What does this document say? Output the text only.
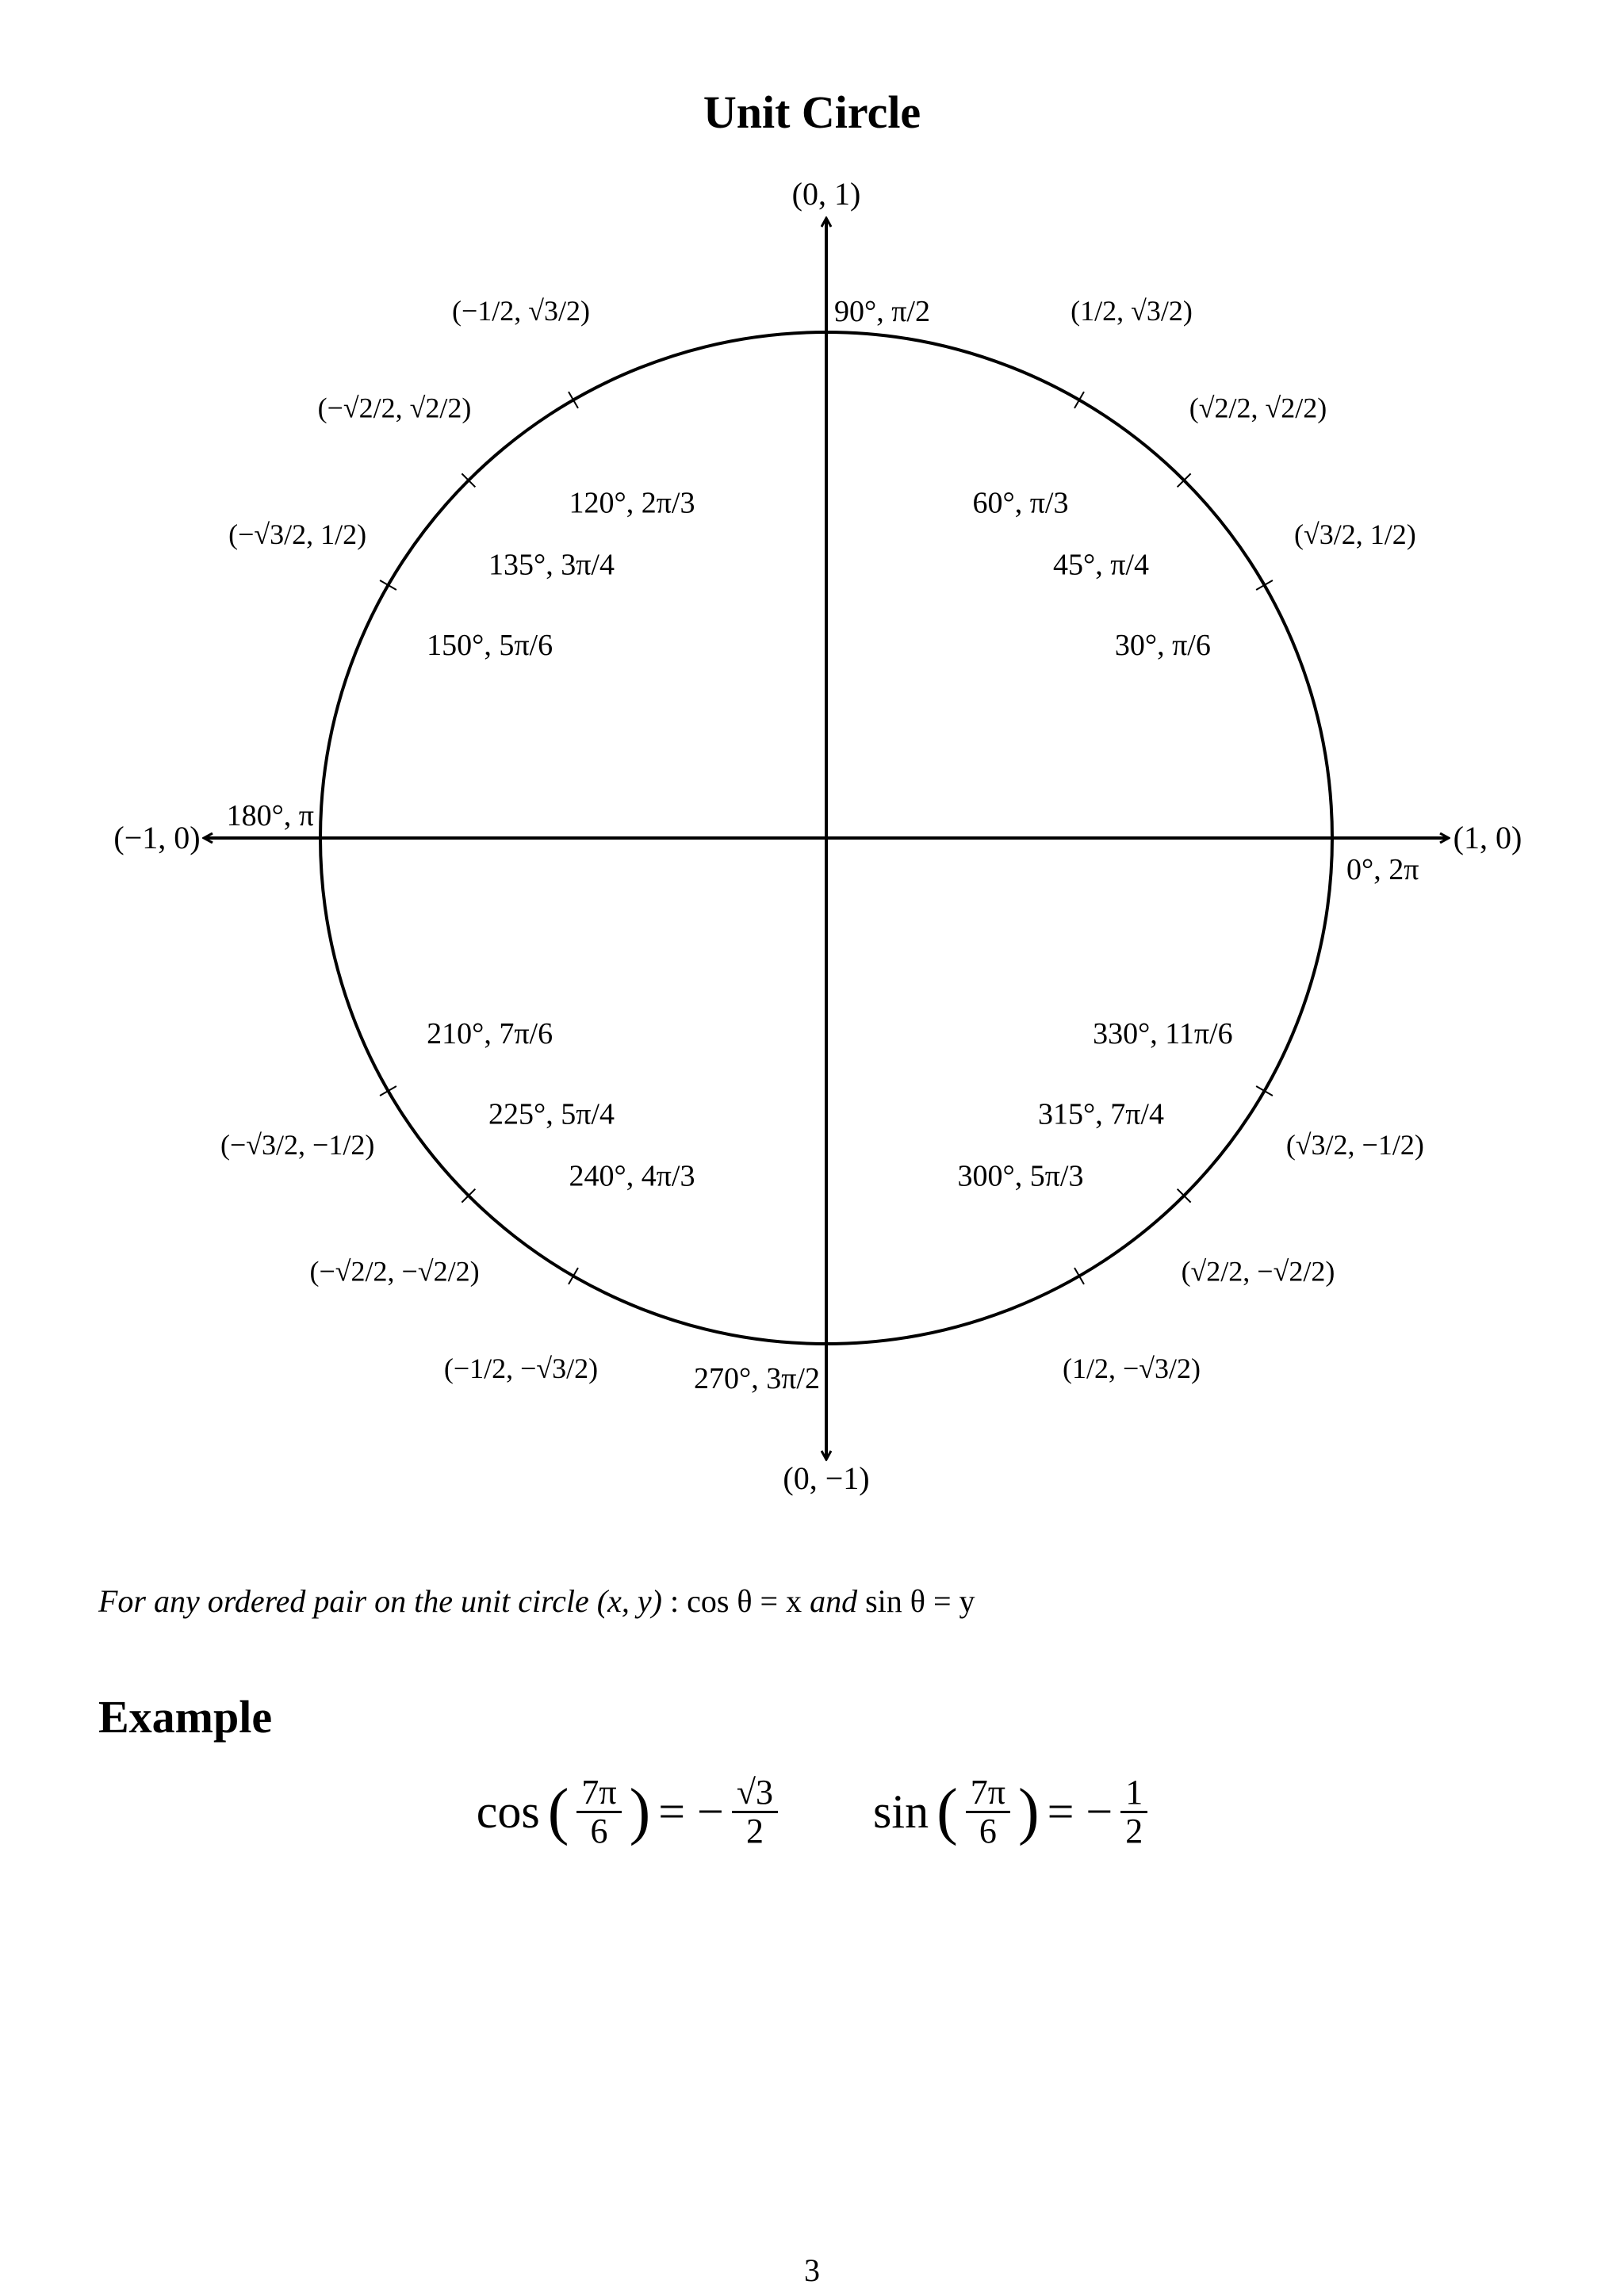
Unit Circle
(0, 1)
(0, −1)
(−1, 0)	(1, 0)
0°, 2π
30°, π/6
(√3/2, 1/2)
45°, π/4
(√2/2, √2/2)
60°, π/3
(1/2, √3/2)
90°, π/2
120°, 2π/3
(−1/2, √3/2)
135°, 3π/4
(−√2/2, √2/2)
150°, 5π/6
(−√3/2, 1/2)
180°, π
210°, 7π/6
(−√3/2, −1/2)
225°, 5π/4
(−√2/2, −√2/2)
240°, 4π/3
(−1/2, −√3/2)	270°, 3π/2
300°, 5π/3
(1/2, −√3/2)
315°, 7π/4
(√2/2, −√2/2)
330°, 11π/6
(√3/2, −1/2)
For any ordered pair on the unit circle (x, y) : cos θ = x and sin θ = y
Example
cos ( $\frac{7\pi}{6}$ ) = − $\frac{√3}{2}$ sin ( $\frac{7\pi}{6}$ ) = − $\frac{1}{2}$
3
